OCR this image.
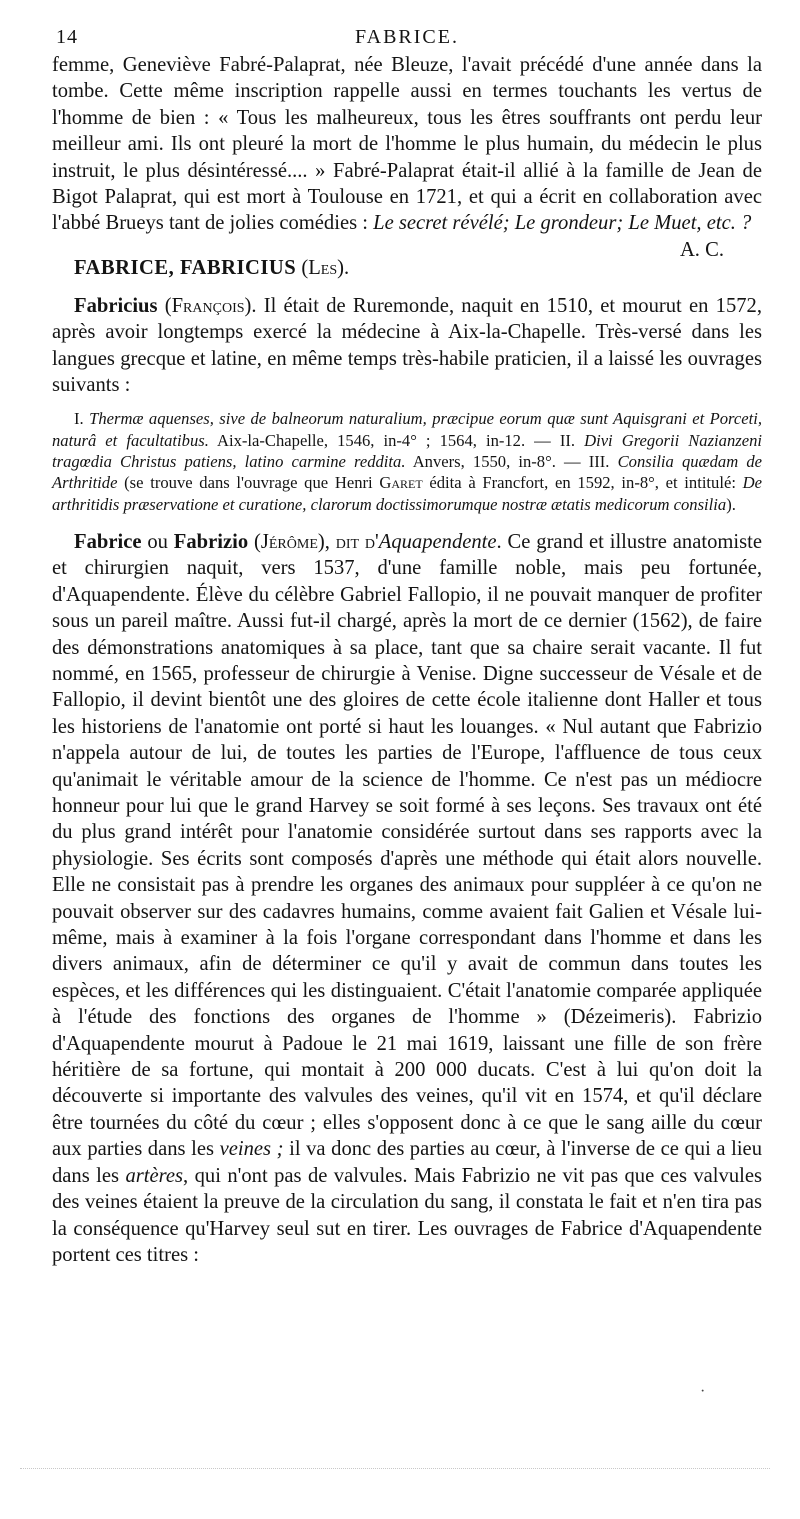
14	FABRICE.

femme, Geneviève Fabré-Palaprat, née Bleuze, l'avait précédé d'une année dans la tombe. Cette même inscription rappelle aussi en termes touchants les vertus de l'homme de bien : « Tous les malheureux, tous les êtres souffrants ont perdu leur meilleur ami. Ils ont pleuré la mort de l'homme le plus humain, du médecin le plus instruit, le plus désintéressé.... » Fabré-Palaprat était-il allié à la famille de Jean de Bigot Palaprat, qui est mort à Toulouse en 1721, et qui a écrit en collaboration avec l'abbé Brueys tant de jolies comédies : Le secret révélé; Le grondeur; Le Muet, etc. ?
A. C.

FABRICE, FABRICIUS (Les).

Fabricius (François). Il était de Ruremonde, naquit en 1510, et mourut en 1572, après avoir longtemps exercé la médecine à Aix-la-Chapelle. Très-versé dans les langues grecque et latine, en même temps très-habile praticien, il a laissé les ouvrages suivants :

I. Thermæ aquenses, sive de balneorum naturalium, præcipue eorum quæ sunt Aquisgrani et Porceti, naturâ et facultatibus. Aix-la-Chapelle, 1546, in-4° ; 1564, in-12. — II. Divi Gregorii Nazianzeni tragœdia Christus patiens, latino carmine reddita. Anvers, 1550, in-8°. — III. Consilia quædam de Arthritide (se trouve dans l'ouvrage que Henri Garet édita à Francfort, en 1592, in-8°, et intitulé: De arthritidis præservatione et curatione, clarorum doctissimorumque nostræ ætatis medicorum consilia).

Fabrice ou Fabrizio (Jérôme), dit d'Aquapendente. Ce grand et illustre anatomiste et chirurgien naquit, vers 1537, d'une famille noble, mais peu fortunée, d'Aquapendente. Élève du célèbre Gabriel Fallopio, il ne pouvait manquer de profiter sous un pareil maître. Aussi fut-il chargé, après la mort de ce dernier (1562), de faire des démonstrations anatomiques à sa place, tant que sa chaire serait vacante. Il fut nommé, en 1565, professeur de chirurgie à Venise. Digne successeur de Vésale et de Fallopio, il devint bientôt une des gloires de cette école italienne dont Haller et tous les historiens de l'anatomie ont porté si haut les louanges. « Nul autant que Fabrizio n'appela autour de lui, de toutes les parties de l'Europe, l'affluence de tous ceux qu'animait le véritable amour de la science de l'homme. Ce n'est pas un médiocre honneur pour lui que le grand Harvey se soit formé à ses leçons. Ses travaux ont été du plus grand intérêt pour l'anatomie considérée surtout dans ses rapports avec la physiologie. Ses écrits sont composés d'après une méthode qui était alors nouvelle. Elle ne consistait pas à prendre les organes des animaux pour suppléer à ce qu'on ne pouvait observer sur des cadavres humains, comme avaient fait Galien et Vésale lui-même, mais à examiner à la fois l'organe correspondant dans l'homme et dans les divers animaux, afin de déterminer ce qu'il y avait de commun dans toutes les espèces, et les différences qui les distinguaient. C'était l'anatomie comparée appliquée à l'étude des fonctions des organes de l'homme » (Dézeimeris). Fabrizio d'Aquapendente mourut à Padoue le 21 mai 1619, laissant une fille de son frère héritière de sa fortune, qui montait à 200 000 ducats. C'est à lui qu'on doit la découverte si importante des valvules des veines, qu'il vit en 1574, et qu'il déclare être tournées du côté du cœur ; elles s'opposent donc à ce que le sang aille du cœur aux parties dans les veines ; il va donc des parties au cœur, à l'inverse de ce qui a lieu dans les artères, qui n'ont pas de valvules. Mais Fabrizio ne vit pas que ces valvules des veines étaient la preuve de la circulation du sang, il constata le fait et n'en tira pas la conséquence qu'Harvey seul sut en tirer. Les ouvrages de Fabrice d'Aquapendente portent ces titres :

·
